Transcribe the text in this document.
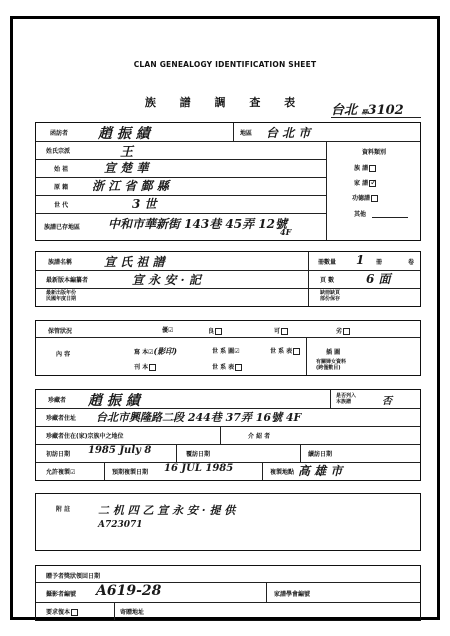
CLAN GENEALOGY IDENTIFICATION SHEET
族 譜 調 查 表
台北 縣3102
函訪者 趙 振 績	地區 台 北 市
姓氏宗派	王
始 祖	宣 楚 華
原 籍 浙 江 省 鄞 縣
世 代	3 世
族譜已存地區 中和市華新街 143巷 45弄 12號
4F
資料類別
族 譜
家 譜 ✓
功德譜
其他
族譜名稱	宣 氏 祖 譜	冊數量 1 冊	卷
最新版本編纂者	宣 永 安 · 記	頁 數	6 面
最新出版年份
民國年度日期
缺冊缺頁
部份保存
保管狀況	優☑	良	可	劣
內 容	寫 本☑(影印)	世 系 圖☑	世 系 表
刊 本	世 系 表
插 圖
有關婦女資料
(跨僅數目)
珍藏者 趙 振 績	是否列入
本族譜	否
珍藏者住址 台北市興隆路二段 244巷 37弄 16號 4F
珍藏者住在(家)宗族中之地位	介 紹 者
初訪日期 1985 July 8	覆訪日期	續訪日期
允許複製☑	預期複製日期 16 JUL 1985	複製地點 高 雄 市
附 註	二 机 四 乙 宣 永 安 · 提 供
A723071
贈予者獎狀領回日期
攝影者編號 A619-28	家譜學會編號
要求復本	寄贈地址
